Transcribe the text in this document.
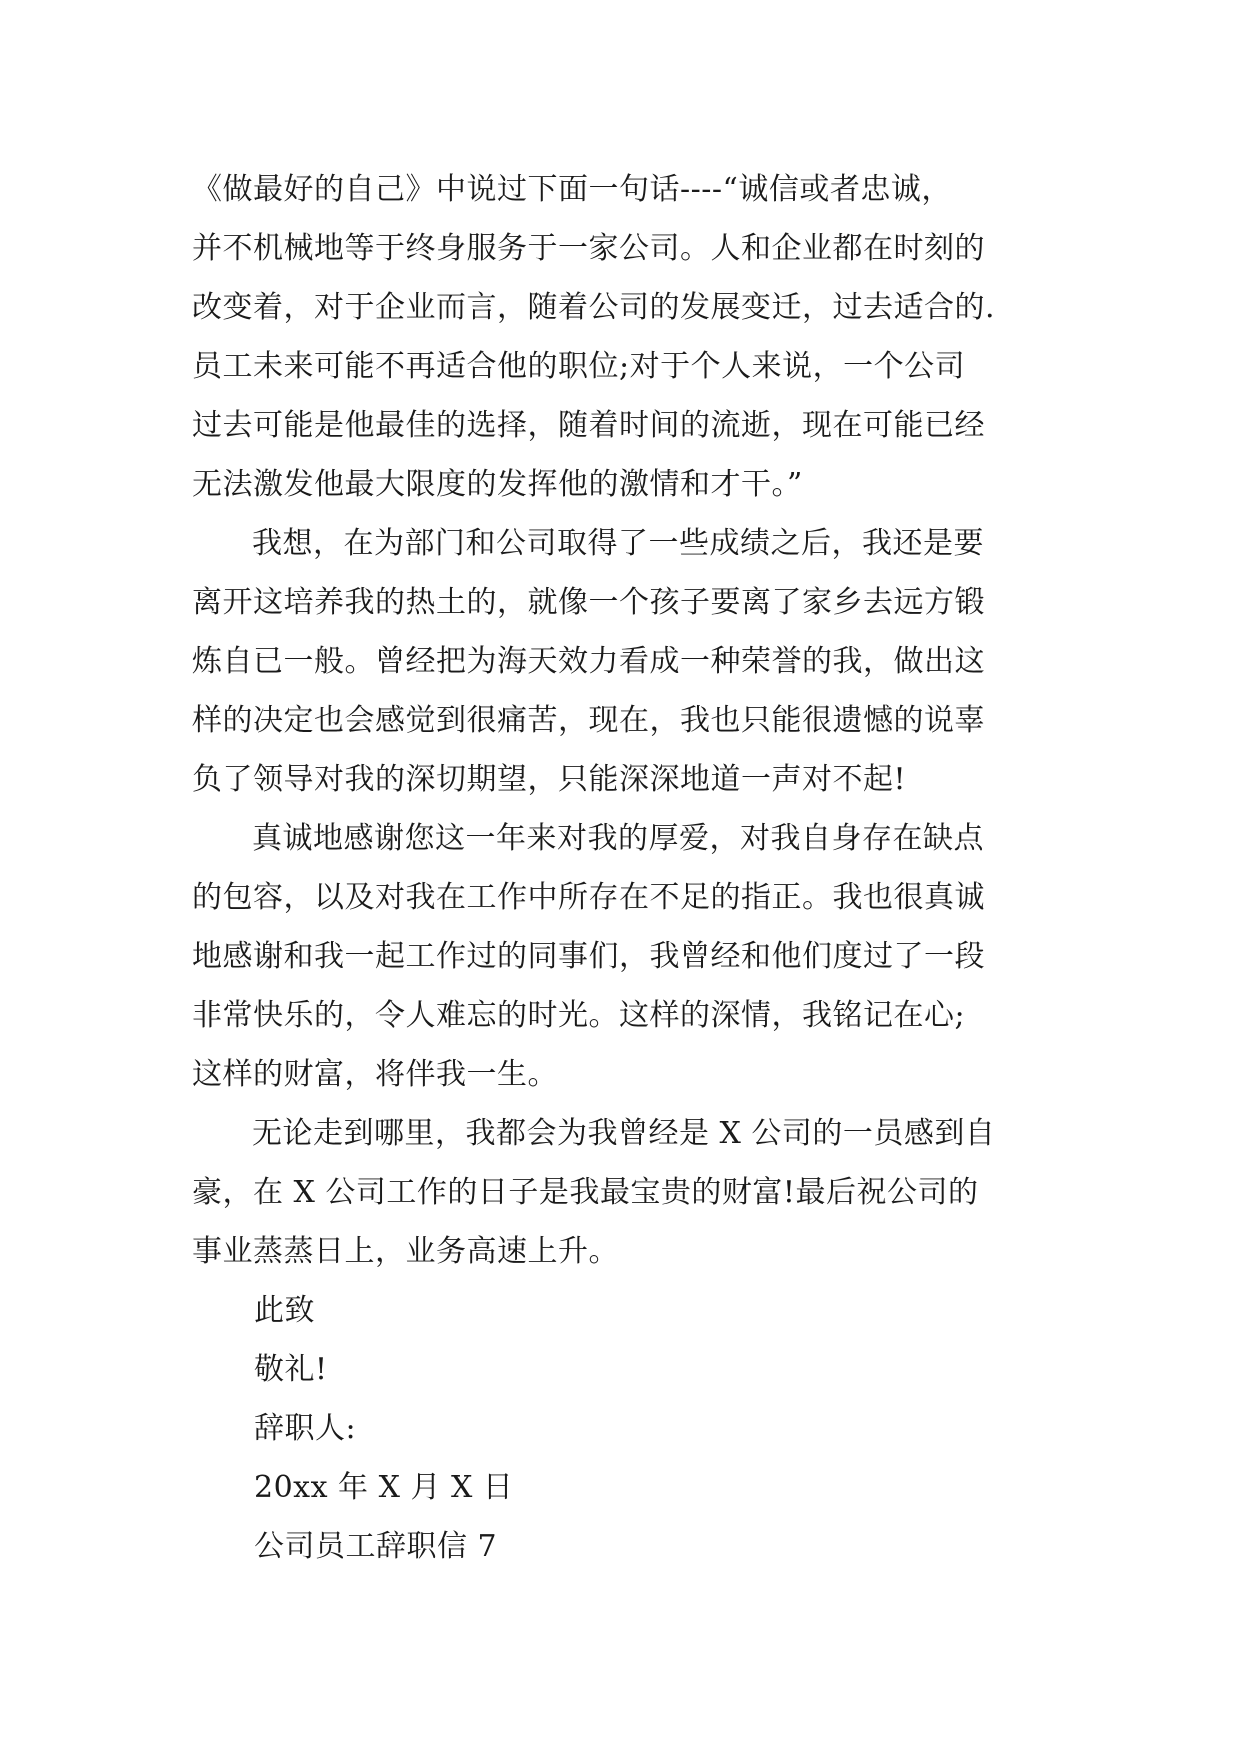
《做最好的自己》中说过下面一句话----“诚信或者忠诚，
并不机械地等于终身服务于一家公司。人和企业都在时刻的
改变着，对于企业而言，随着公司的发展变迁，过去适合的.
员工未来可能不再适合他的职位;对于个人来说，一个公司
过去可能是他最佳的选择，随着时间的流逝，现在可能已经
无法激发他最大限度的发挥他的激情和才干。”

我想，在为部门和公司取得了一些成绩之后，我还是要
离开这培养我的热土的，就像一个孩子要离了家乡去远方锻
炼自已一般。曾经把为海天效力看成一种荣誉的我，做出这
样的决定也会感觉到很痛苦，现在，我也只能很遗憾的说辜
负了领导对我的深切期望，只能深深地道一声对不起!

真诚地感谢您这一年来对我的厚爱，对我自身存在缺点
的包容，以及对我在工作中所存在不足的指正。我也很真诚
地感谢和我一起工作过的同事们，我曾经和他们度过了一段
非常快乐的，令人难忘的时光。这样的深情，我铭记在心;
这样的财富，将伴我一生。

无论走到哪里，我都会为我曾经是 X 公司的一员感到自
豪，在 X 公司工作的日子是我最宝贵的财富!最后祝公司的
事业蒸蒸日上，业务高速上升。

此致

敬礼!

辞职人:

20xx 年 X 月 X 日

公司员工辞职信 7
